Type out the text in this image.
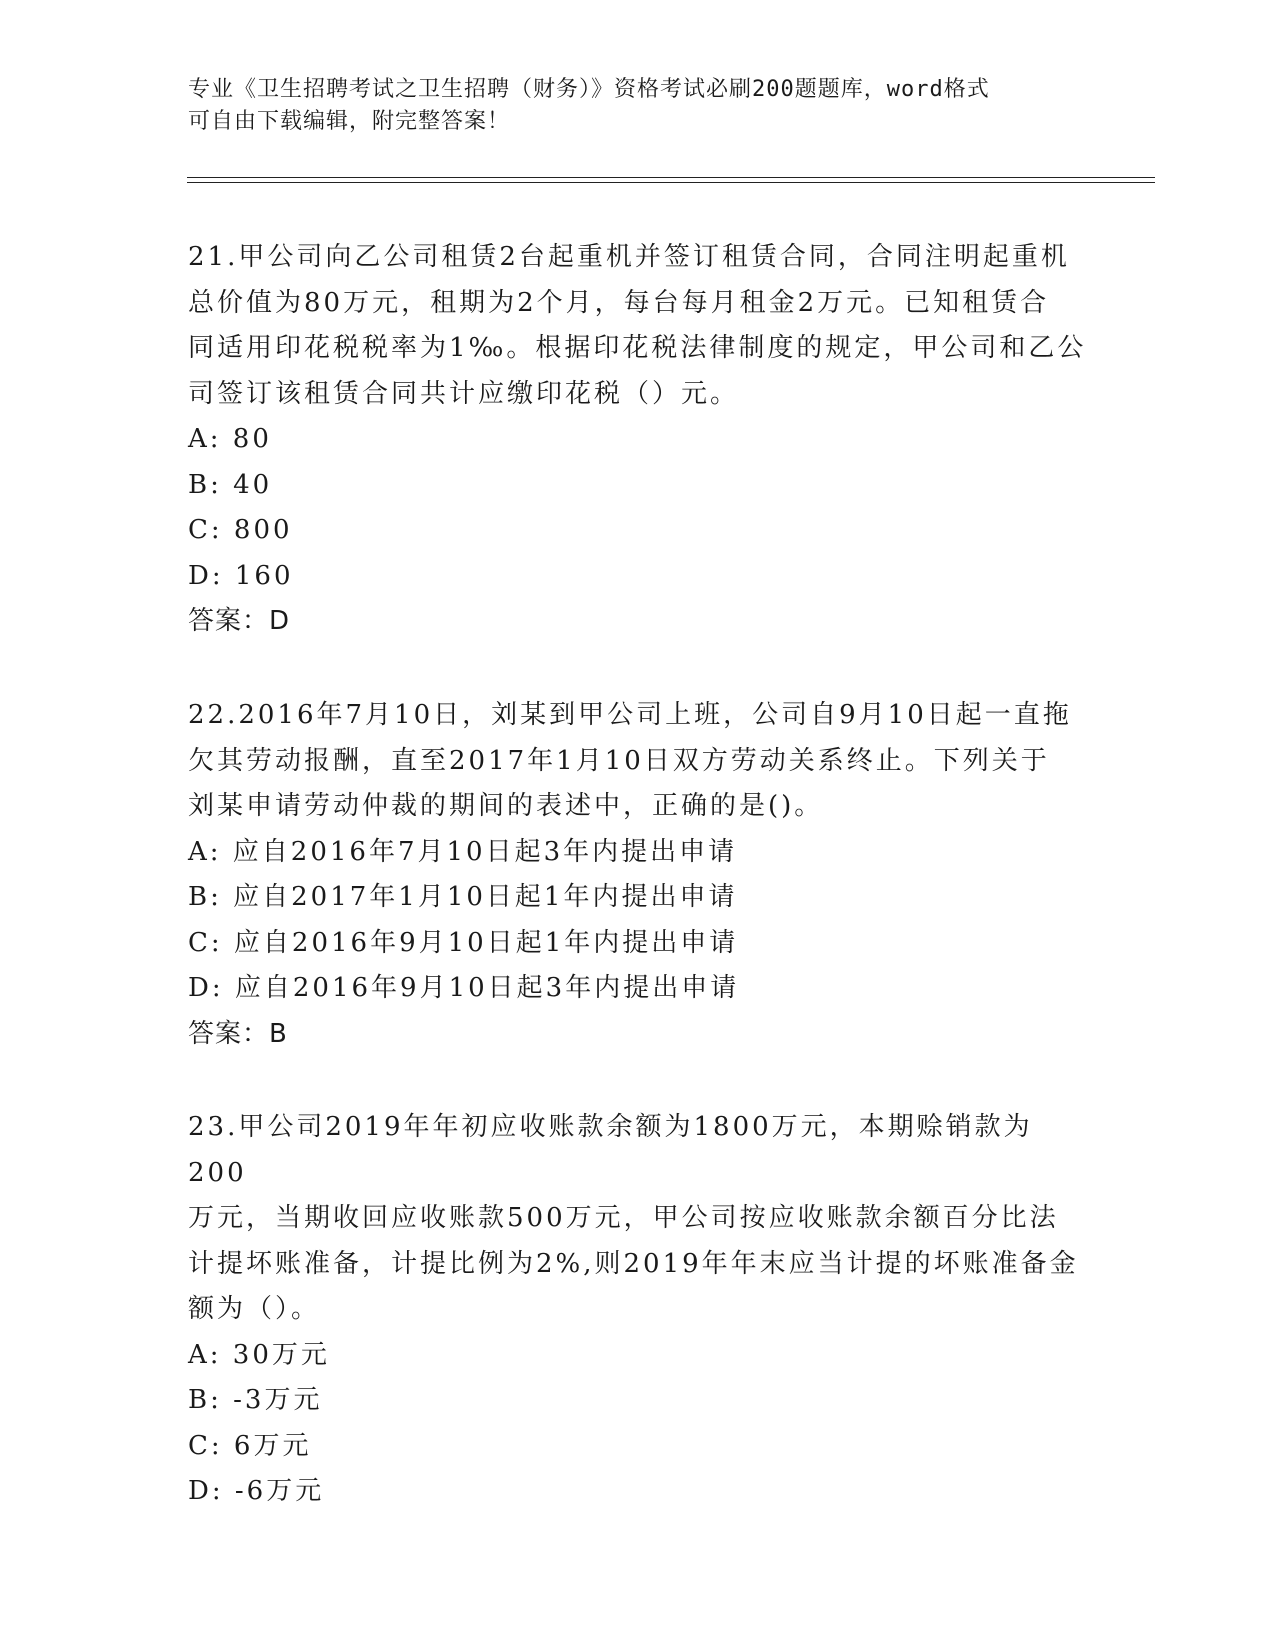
专业《卫生招聘考试之卫生招聘（财务）》资格考试必刷200题题库，word格式
可自由下载编辑，附完整答案！

21.甲公司向乙公司租赁2台起重机并签订租赁合同，合同注明起重机

总价值为80万元，租期为2个月，每台每月租金2万元。已知租赁合

同适用印花税税率为1‰。根据印花税法律制度的规定，甲公司和乙公

司签订该租赁合同共计应缴印花税（）元。

A: 80

B: 40

C: 800

D: 160

答案：D

22.2016年7月10日，刘某到甲公司上班，公司自9月10日起一直拖

欠其劳动报酬，直至2017年1月10日双方劳动关系终止。下列关于

刘某申请劳动仲裁的期间的表述中，正确的是()。

A: 应自2016年7月10日起3年内提出申请

B: 应自2017年1月10日起1年内提出申请

C: 应自2016年9月10日起1年内提出申请

D: 应自2016年9月10日起3年内提出申请

答案：B

23.甲公司2019年年初应收账款余额为1800万元，本期赊销款为200

万元，当期收回应收账款500万元，甲公司按应收账款余额百分比法

计提坏账准备，计提比例为2%,则2019年年末应当计提的坏账准备金

额为（）。

A: 30万元

B: -3万元

C: 6万元

D: -6万元
